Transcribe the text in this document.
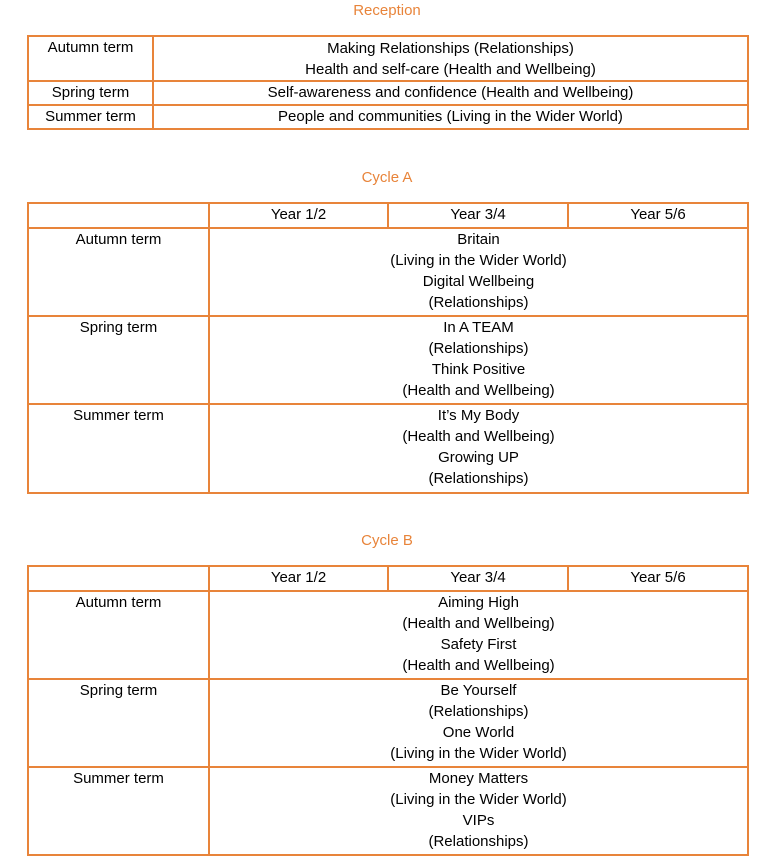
Reception
Autumn term	Making Relationships (Relationships)
Health and self-care (Health and Wellbeing)

Spring term	Self-awareness and confidence (Health and Wellbeing)

Summer term	People and communities (Living in the Wider World)
Cycle A
	Year 1/2	Year 3/4	Year 5/6
Autumn term	Britain
(Living in the Wider World)
Digital Wellbeing
(Relationships)		

Spring term	In A TEAM
(Relationships)
Think Positive
(Health and Wellbeing)		

Summer term	It’s My Body
(Health and Wellbeing)
Growing UP
(Relationships)		
Cycle B
	Year 1/2	Year 3/4	Year 5/6
Autumn term	Aiming High
(Health and Wellbeing)
Safety First
(Health and Wellbeing)		

Spring term	Be Yourself
(Relationships)
One World
(Living in the Wider World)		

Summer term	Money Matters
(Living in the Wider World)
VIPs
(Relationships)		
